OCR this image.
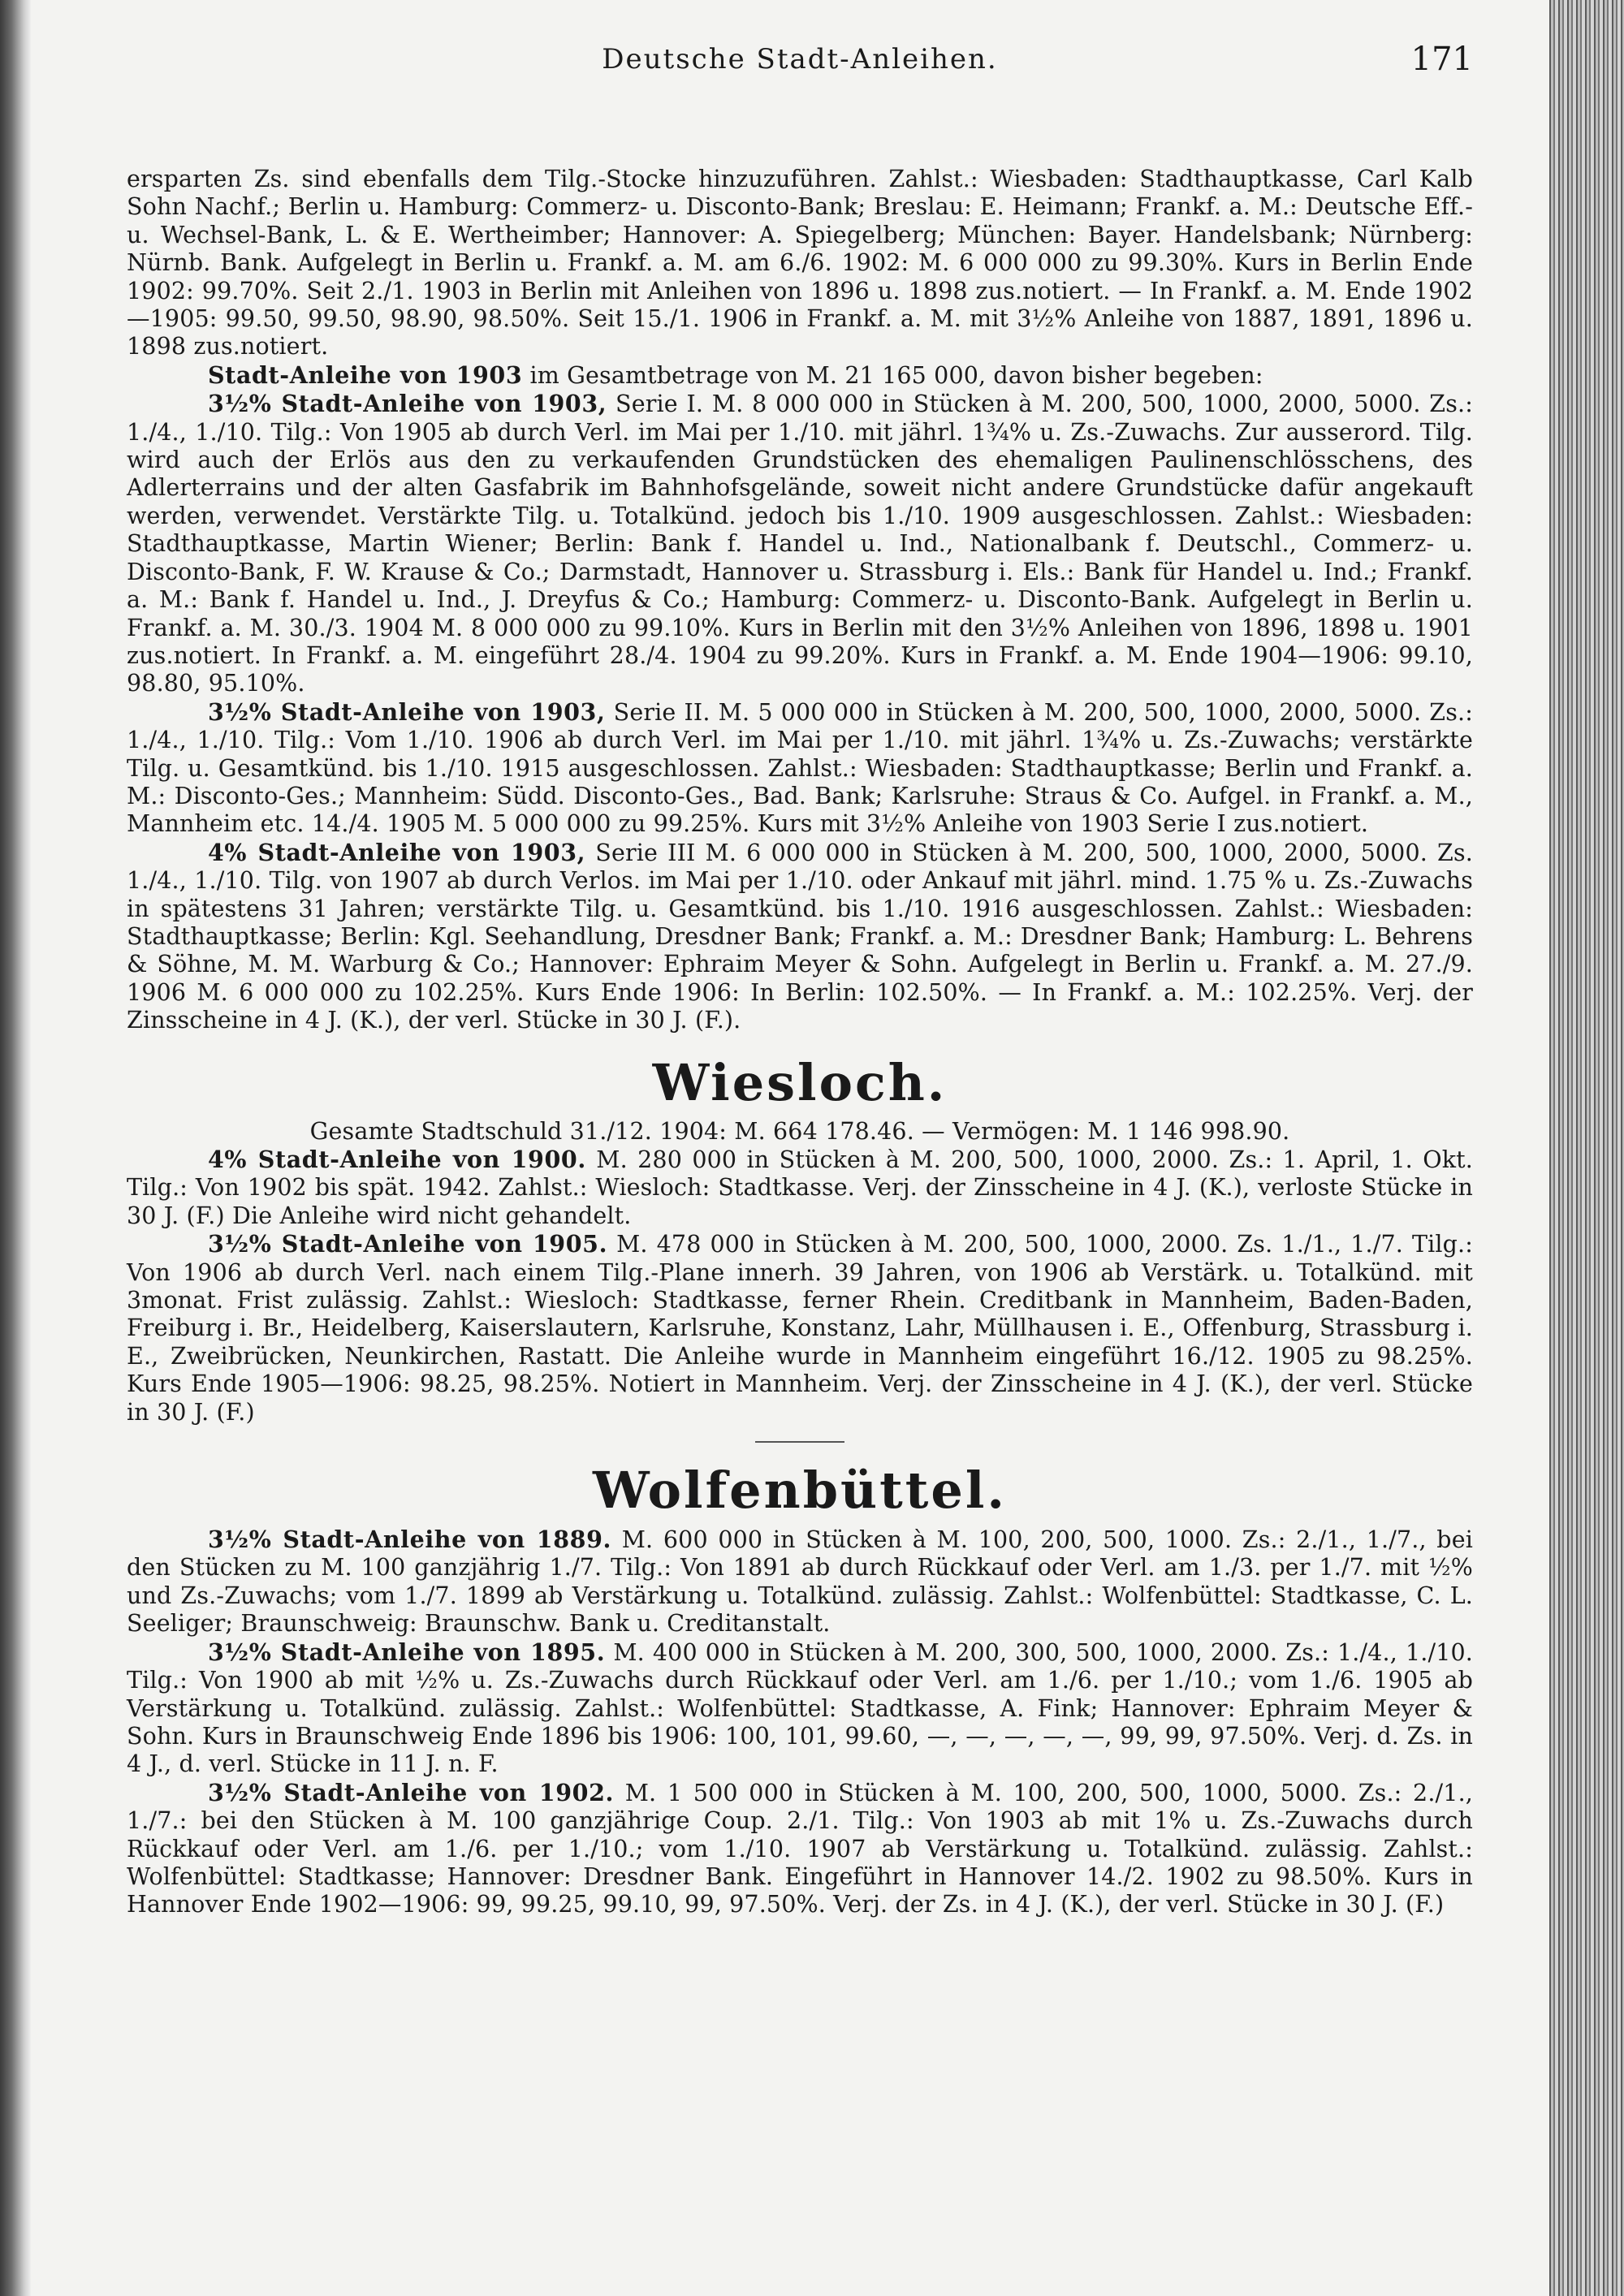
Deutsche Stadt-Anleihen.	171

ersparten Zs. sind ebenfalls dem Tilg.-Stocke hinzuzuführen. Zahlst.: Wiesbaden: Stadthauptkasse, Carl Kalb Sohn Nachf.; Berlin u. Hamburg: Commerz- u. Disconto-Bank; Breslau: E. Heimann; Frankf. a. M.: Deutsche Eff.- u. Wechsel-Bank, L. & E. Wertheimber; Hannover: A. Spiegelberg; München: Bayer. Handelsbank; Nürnberg: Nürnb. Bank. Aufgelegt in Berlin u. Frankf. a. M. am 6./6. 1902: M. 6 000 000 zu 99.30%. Kurs in Berlin Ende 1902: 99.70%. Seit 2./1. 1903 in Berlin mit Anleihen von 1896 u. 1898 zus.notiert. — In Frankf. a. M. Ende 1902—1905: 99.50, 99.50, 98.90, 98.50%. Seit 15./1. 1906 in Frankf. a. M. mit 3½% Anleihe von 1887, 1891, 1896 u. 1898 zus.notiert.

Stadt-Anleihe von 1903 im Gesamtbetrage von M. 21 165 000, davon bisher begeben:

3½% Stadt-Anleihe von 1903, Serie I. M. 8 000 000 in Stücken à M. 200, 500, 1000, 2000, 5000. Zs.: 1./4., 1./10. Tilg.: Von 1905 ab durch Verl. im Mai per 1./10. mit jährl. 1¾% u. Zs.-Zuwachs. Zur ausserord. Tilg. wird auch der Erlös aus den zu verkaufenden Grundstücken des ehemaligen Paulinenschlösschens, des Adlerterrains und der alten Gasfabrik im Bahnhofsgelände, soweit nicht andere Grundstücke dafür angekauft werden, verwendet. Verstärkte Tilg. u. Totalkünd. jedoch bis 1./10. 1909 ausgeschlossen. Zahlst.: Wiesbaden: Stadthauptkasse, Martin Wiener; Berlin: Bank f. Handel u. Ind., Nationalbank f. Deutschl., Commerz- u. Disconto-Bank, F. W. Krause & Co.; Darmstadt, Hannover u. Strassburg i. Els.: Bank für Handel u. Ind.; Frankf. a. M.: Bank f. Handel u. Ind., J. Dreyfus & Co.; Hamburg: Commerz- u. Disconto-Bank. Aufgelegt in Berlin u. Frankf. a. M. 30./3. 1904 M. 8 000 000 zu 99.10%. Kurs in Berlin mit den 3½% Anleihen von 1896, 1898 u. 1901 zus.notiert. In Frankf. a. M. eingeführt 28./4. 1904 zu 99.20%. Kurs in Frankf. a. M. Ende 1904—1906: 99.10, 98.80, 95.10%.

3½% Stadt-Anleihe von 1903, Serie II. M. 5 000 000 in Stücken à M. 200, 500, 1000, 2000, 5000. Zs.: 1./4., 1./10. Tilg.: Vom 1./10. 1906 ab durch Verl. im Mai per 1./10. mit jährl. 1¾% u. Zs.-Zuwachs; verstärkte Tilg. u. Gesamtkünd. bis 1./10. 1915 ausgeschlossen. Zahlst.: Wiesbaden: Stadthauptkasse; Berlin und Frankf. a. M.: Disconto-Ges.; Mannheim: Südd. Disconto-Ges., Bad. Bank; Karlsruhe: Straus & Co. Aufgel. in Frankf. a. M., Mannheim etc. 14./4. 1905 M. 5 000 000 zu 99.25%. Kurs mit 3½% Anleihe von 1903 Serie I zus.notiert.

4% Stadt-Anleihe von 1903, Serie III M. 6 000 000 in Stücken à M. 200, 500, 1000, 2000, 5000. Zs. 1./4., 1./10. Tilg. von 1907 ab durch Verlos. im Mai per 1./10. oder Ankauf mit jährl. mind. 1.75 % u. Zs.-Zuwachs in spätestens 31 Jahren; verstärkte Tilg. u. Gesamtkünd. bis 1./10. 1916 ausgeschlossen. Zahlst.: Wiesbaden: Stadthauptkasse; Berlin: Kgl. Seehandlung, Dresdner Bank; Frankf. a. M.: Dresdner Bank; Hamburg: L. Behrens & Söhne, M. M. Warburg & Co.; Hannover: Ephraim Meyer & Sohn. Aufgelegt in Berlin u. Frankf. a. M. 27./9. 1906 M. 6 000 000 zu 102.25%. Kurs Ende 1906: In Berlin: 102.50%. — In Frankf. a. M.: 102.25%. Verj. der Zinsscheine in 4 J. (K.), der verl. Stücke in 30 J. (F.).

Wiesloch.

Gesamte Stadtschuld 31./12. 1904: M. 664 178.46. — Vermögen: M. 1 146 998.90.

4% Stadt-Anleihe von 1900. M. 280 000 in Stücken à M. 200, 500, 1000, 2000. Zs.: 1. April, 1. Okt. Tilg.: Von 1902 bis spät. 1942. Zahlst.: Wiesloch: Stadtkasse. Verj. der Zinsscheine in 4 J. (K.), verloste Stücke in 30 J. (F.) Die Anleihe wird nicht gehandelt.

3½% Stadt-Anleihe von 1905. M. 478 000 in Stücken à M. 200, 500, 1000, 2000. Zs. 1./1., 1./7. Tilg.: Von 1906 ab durch Verl. nach einem Tilg.-Plane innerh. 39 Jahren, von 1906 ab Verstärk. u. Totalkünd. mit 3monat. Frist zulässig. Zahlst.: Wiesloch: Stadtkasse, ferner Rhein. Creditbank in Mannheim, Baden-Baden, Freiburg i. Br., Heidelberg, Kaiserslautern, Karlsruhe, Konstanz, Lahr, Müllhausen i. E., Offenburg, Strassburg i. E., Zweibrücken, Neunkirchen, Rastatt. Die Anleihe wurde in Mannheim eingeführt 16./12. 1905 zu 98.25%. Kurs Ende 1905—1906: 98.25, 98.25%. Notiert in Mannheim. Verj. der Zinsscheine in 4 J. (K.), der verl. Stücke in 30 J. (F.)

Wolfenbüttel.

3½% Stadt-Anleihe von 1889. M. 600 000 in Stücken à M. 100, 200, 500, 1000. Zs.: 2./1., 1./7., bei den Stücken zu M. 100 ganzjährig 1./7. Tilg.: Von 1891 ab durch Rückkauf oder Verl. am 1./3. per 1./7. mit ½% und Zs.-Zuwachs; vom 1./7. 1899 ab Verstärkung u. Totalkünd. zulässig. Zahlst.: Wolfenbüttel: Stadtkasse, C. L. Seeliger; Braunschweig: Braunschw. Bank u. Creditanstalt.

3½% Stadt-Anleihe von 1895. M. 400 000 in Stücken à M. 200, 300, 500, 1000, 2000. Zs.: 1./4., 1./10. Tilg.: Von 1900 ab mit ½% u. Zs.-Zuwachs durch Rückkauf oder Verl. am 1./6. per 1./10.; vom 1./6. 1905 ab Verstärkung u. Totalkünd. zulässig. Zahlst.: Wolfenbüttel: Stadtkasse, A. Fink; Hannover: Ephraim Meyer & Sohn. Kurs in Braunschweig Ende 1896 bis 1906: 100, 101, 99.60, —, —, —, —, —, 99, 99, 97.50%. Verj. d. Zs. in 4 J., d. verl. Stücke in 11 J. n. F.

3½% Stadt-Anleihe von 1902. M. 1 500 000 in Stücken à M. 100, 200, 500, 1000, 5000. Zs.: 2./1., 1./7.: bei den Stücken à M. 100 ganzjährige Coup. 2./1. Tilg.: Von 1903 ab mit 1% u. Zs.-Zuwachs durch Rückkauf oder Verl. am 1./6. per 1./10.; vom 1./10. 1907 ab Verstärkung u. Totalkünd. zulässig. Zahlst.: Wolfenbüttel: Stadtkasse; Hannover: Dresdner Bank. Eingeführt in Hannover 14./2. 1902 zu 98.50%. Kurs in Hannover Ende 1902—1906: 99, 99.25, 99.10, 99, 97.50%. Verj. der Zs. in 4 J. (K.), der verl. Stücke in 30 J. (F.)
